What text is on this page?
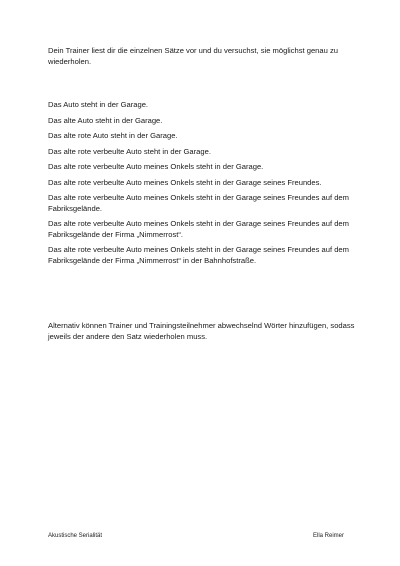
Dein Trainer liest dir die einzelnen Sätze vor und du versuchst, sie möglichst genau zu wiederholen.

Das Auto steht in der Garage.
Das alte Auto steht in der Garage.
Das alte rote Auto steht in der Garage.
Das alte rote verbeulte Auto steht in der Garage.
Das alte rote verbeulte Auto meines Onkels steht in der Garage.
Das alte rote verbeulte Auto meines Onkels steht in der Garage seines Freundes.
Das alte rote verbeulte Auto meines Onkels steht in der Garage seines Freundes auf dem Fabriksgelände.
Das alte rote verbeulte Auto meines Onkels steht in der Garage seines Freundes auf dem Fabriksgelände der Firma „Nimmerrost“.
Das alte rote verbeulte Auto meines Onkels steht in der Garage seines Freundes auf dem Fabriksgelände der Firma „Nimmerrost“ in der Bahnhofstraße.

Alternativ können Trainer und Trainingsteilnehmer abwechselnd Wörter hinzufügen, sodass jeweils der andere den Satz wiederholen muss.

Akustische Serialität	Ella Reimer
